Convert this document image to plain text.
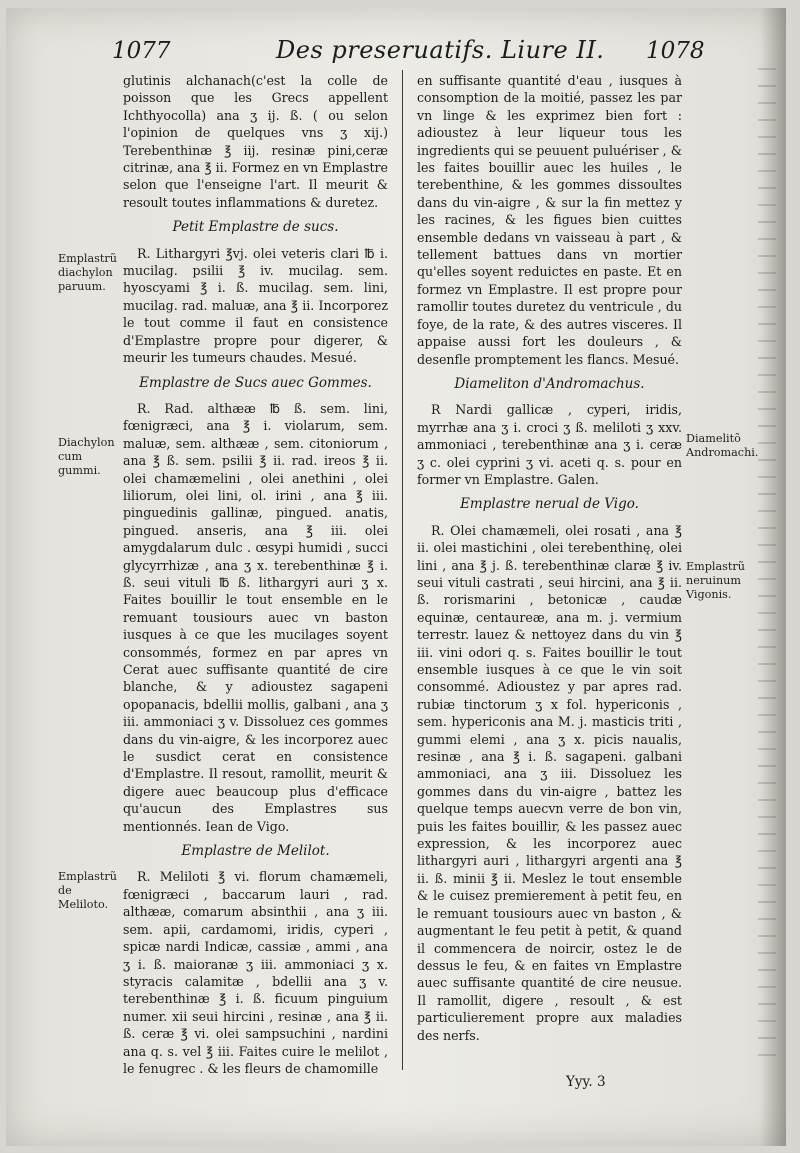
1077	Des preseruatifs. Liure II. 1078

glutinis alchanach(c'est la colle de poisson que les Grecs appellent Ichthyocolla) ana ʒ ij. ß. ( ou selon l'opinion de quelques vns ʒ xij.) Terebenthinæ ℥ iij. resinæ pini,ceræ citrinæ, ana ℥ ii. Formez en vn Emplastre selon que l'enseigne l'art. Il meurit & resoult toutes inflammations & duretez.

Petit Emplastre de sucs.

R. Lithargyri ℥vj. olei veteris clari ℔ i. mucilag. psilii ℥ iv. mucilag. sem. hyoscyami ℥ i. ß. mucilag. sem. lini, mucilag. rad. maluæ, ana ℥ ii. Incorporez le tout comme il faut en consistence d'Emplastre propre pour digerer, & meurir les tumeurs chaudes. Mesué.

Emplastre de Sucs auec Gommes.

R. Rad. althææ ℔ ß. sem. lini, fœnigræci, ana ℥ i. violarum, sem. maluæ, sem. althææ , sem. citoniorum , ana ℥ ß. sem. psilii ℥ ii. rad. ireos ℥ ii. olei chamæmelini , olei anethini , olei liliorum, olei lini, ol. irini , ana ℥ iii. pinguedinis gallinæ, pingued. anatis, pingued. anseris, ana ℥ iii. olei amygdalarum dulc . œsypi humidi , succi glycyrrhizæ , ana ʒ x. terebenthinæ ℥ i. ß. seui vituli ℔ ß. lithargyri auri ʒ x. Faites bouillir le tout ensemble en le remuant tousiours auec vn baston iusques à ce que les mucilages soyent consommés, formez en par apres vn Cerat auec suffisante quantité de cire blanche, & y adioustez sagapeni opopanacis, bdellii mollis, galbani , ana ʒ iii. ammoniaci ʒ v. Dissoluez ces gommes dans du vin-aigre, & les incorporez auec le susdict cerat en consistence d'Emplastre. Il resout, ramollit, meurit & digere auec beaucoup plus d'efficace qu'aucun des Emplastres sus mentionnés. Iean de Vigo.

Emplastre de Melilot.

R. Meliloti ℥ vi. florum chamæmeli, fœnigræci , baccarum lauri , rad. althææ, comarum absinthii , ana ʒ iii. sem. apii, cardamomi, iridis, cyperi , spicæ nardi Indicæ, cassiæ , ammi , ana ʒ i. ß. maioranæ ʒ iii. ammoniaci ʒ x. styracis calamitæ , bdellii ana ʒ v. terebenthinæ ℥ i. ß. ficuum pinguium numer. xii seui hircini , resinæ , ana ℥ ii. ß. ceræ ℥ vi. olei sampsuchini , nardini ana q. s. vel ℥ iii. Faites cuire le melilot , le fenugrec . & les fleurs de chamomille

en suffisante quantité d'eau , iusques à consomption de la moitié, passez les par vn linge & les exprimez bien fort : adioustez à leur liqueur tous les ingredients qui se peuuent puluériser , & les faites bouillir auec les huiles , le terebenthine, & les gommes dissoultes dans du vin-aigre , & sur la fin mettez y les racines, & les figues bien cuittes ensemble dedans vn vaisseau à part , & tellement battues dans vn mortier qu'elles soyent reduictes en paste. Et en formez vn Emplastre. Il est propre pour ramollir toutes duretez du ventricule , du foye, de la rate, & des autres visceres. Il appaise aussi fort les douleurs , & desenfle promptement les flancs. Mesué.

Diameliton d'Andromachus.

R Nardi gallicæ , cyperi, iridis, myrrhæ ana ʒ i. croci ʒ ß. meliloti ʒ xxv. ammoniaci , terebenthinæ ana ʒ i. ceræ ʒ c. olei cyprini ʒ vi. aceti q. s. pour en former vn Emplastre. Galen.

Emplastre nerual de Vigo.

R. Olei chamæmeli, olei rosati , ana ℥ ii. olei mastichini , olei terebenthinę, olei lini , ana ℥ j. ß. terebenthinæ claræ ℥ iv. seui vituli castrati , seui hircini, ana ℥ ii. ß. rorismarini , betonicæ , caudæ equinæ, centaureæ, ana m. j. vermium terrestr. lauez & nettoyez dans du vin ℥ iii. vini odori q. s. Faites bouillir le tout ensemble iusques à ce que le vin soit consommé. Adioustez y par apres rad. rubiæ tinctorum ʒ x fol. hypericonis , sem. hypericonis ana M. j. masticis triti , gummi elemi , ana ʒ x. picis naualis, resinæ , ana ℥ i. ß. sagapeni. galbani ammoniaci, ana ʒ iii. Dissoluez les gommes dans du vin-aigre , battez les quelque temps auecvn verre de bon vin, puis les faites bouillir, & les passez auec expression, & les incorporez auec lithargyri auri , lithargyri argenti ana ℥ ii. ß. minii ℥ ii. Meslez le tout ensemble & le cuisez premierement à petit feu, en le remuant tousiours auec vn baston , & augmentant le feu petit à petit, & quand il commencera de noircir, ostez le de dessus le feu, & en faites vn Emplastre auec suffisante quantité de cire neusue. Il ramollit, digere , resoult , & est particulierement propre aux maladies des nerfs.

Emplastrũ diachylon paruum.
Diachylon cum gummi.
Emplastrũ de Meliloto.
Diamelitõ Andromachi.
Emplastrũ neruinum Vigonis.
Yyy. 3
